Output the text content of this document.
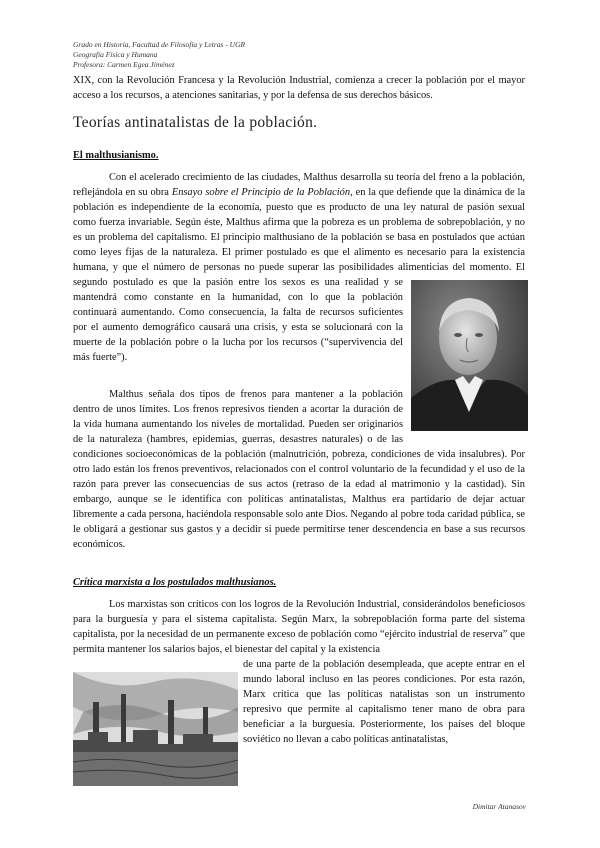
Grado en Historia, Facultad de Filosofía y Letras - UGR
Geografía Física y Humana
Profesora: Carmen Egea Jiménez

XIX, con la Revolución Francesa y la Revolución Industrial, comienza a crecer la población por el mayor acceso a los recursos, a atenciones sanitarias, y por la defensa de sus derechos básicos.

Teorías antinatalistas de la población.
El malthusianismo.

Con el acelerado crecimiento de las ciudades, Malthus desarrolla su teoría del freno a la población, reflejándola en su obra Ensayo sobre el Principio de la Población, en la que defiende que la dinámica de la población es independiente de la economía, puesto que es producto de una ley natural de pasión sexual como fuerza invariable. Según éste, Malthus afirma que la pobreza es un problema de sobrepoblación, y no es un problema del capitalismo. El principio malthusiano de la población se basa en postulados que actúan como leyes fijas de la naturaleza. El primer postulado es que el alimento es necesario para la existencia humana, y que el número de personas no puede superar las posibilidades alimenticias del momento. El segundo postulado es que la pasión entre los sexos es una realidad y se mantendrá como constante en la humanidad, con lo que la población continuará aumentando. Como consecuencia, la falta de recursos suficientes por el aumento demográfico causará una crisis, y esta se solucionará con la muerte de la población pobre o la lucha por los recursos (“supervivencia del más fuerte”).

Malthus señala dos tipos de frenos para mantener a la población dentro de unos límites. Los frenos represivos tienden a acortar la duración de la vida humana aumentando los niveles de mortalidad. Pueden ser originarios de la naturaleza (hambres, epidemias, guerras, desastres naturales) o de las condiciones socioeconómicas de la población (malnutrición, pobreza, condiciones de vida insalubres). Por otro lado están los frenos preventivos, relacionados con el control voluntario de la fecundidad y el uso de la razón para prever las consecuencias de sus actos (retraso de la edad al matrimonio y la castidad). Sin embargo, aunque se le identifica con políticas antinatalistas, Malthus era partidario de dejar actuar libremente a cada persona, haciéndola responsable solo ante Dios. Negando al pobre toda caridad pública, se le obligará a gestionar sus gastos y a decidir si puede permitirse tener descendencia en base a sus recursos económicos.

Crítica marxista a los postulados malthusianos.

Los marxistas son críticos con los logros de la Revolución Industrial, considerándolos beneficiosos para la burguesía y para el sistema capitalista. Según Marx, la sobrepoblación forma parte del sistema capitalista, por la necesidad de un permanente exceso de población como “ejército industrial de reserva” que permita mantener los salarios bajos, el bienestar del capital y la existencia

de una parte de la población desempleada, que acepte entrar en el mundo laboral incluso en las peores condiciones. Por esta razón, Marx critica que las políticas natalistas son un instrumento represivo que permite al capitalismo tener mano de obra para beneficiar a la burguesía. Posteriormente, los países del bloque soviético no llevan a cabo políticas antinatalistas,

Dimitar Atanasov
